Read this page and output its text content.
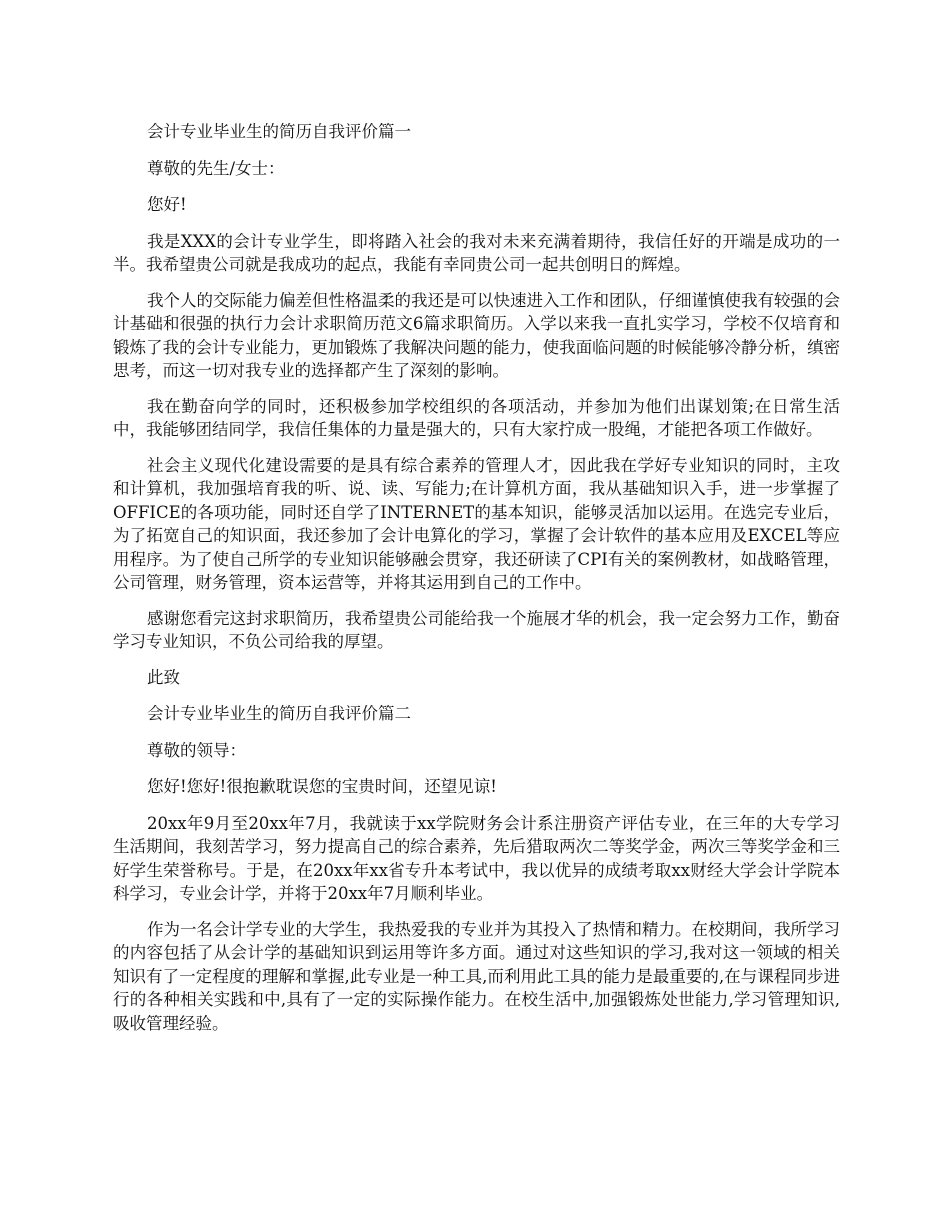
会计专业毕业生的简历自我评价篇一

尊敬的先生/女士：

您好!

我是XXX的会计专业学生，即将踏入社会的我对未来充满着期待，我信任好的开端是成功的一半。我希望贵公司就是我成功的起点，我能有幸同贵公司一起共创明日的辉煌。

我个人的交际能力偏差但性格温柔的我还是可以快速进入工作和团队，仔细谨慎使我有较强的会计基础和很强的执行力会计求职简历范文6篇求职简历。入学以来我一直扎实学习，学校不仅培育和锻炼了我的会计专业能力，更加锻炼了我解决问题的能力，使我面临问题的时候能够冷静分析，缜密思考，而这一切对我专业的选择都产生了深刻的影响。

我在勤奋向学的同时，还积极参加学校组织的各项活动，并参加为他们出谋划策;在日常生活中，我能够团结同学，我信任集体的力量是强大的，只有大家拧成一股绳，才能把各项工作做好。

社会主义现代化建设需要的是具有综合素养的管理人才，因此我在学好专业知识的同时，主攻 和计算机，我加强培育我的听、说、读、写能力;在计算机方面，我从基础知识入手，进一步掌握了OFFICE的各项功能，同时还自学了INTERNET的基本知识，能够灵活加以运用。在选完专业后，为了拓宽自己的知识面，我还参加了会计电算化的学习，掌握了会计软件的基本应用及EXCEL等应用程序。为了使自己所学的专业知识能够融会贯穿，我还研读了CPI有关的案例教材，如战略管理，公司管理，财务管理，资本运营等，并将其运用到自己的工作中。

感谢您看完这封求职简历，我希望贵公司能给我一个施展才华的机会，我一定会努力工作，勤奋学习专业知识，不负公司给我的厚望。

此致

会计专业毕业生的简历自我评价篇二

尊敬的领导：

您好!您好!很抱歉耽误您的宝贵时间，还望见谅!

20xx年9月至20xx年7月，我就读于xx学院财务会计系注册资产评估专业，在三年的大专学习生活期间，我刻苦学习，努力提高自己的综合素养，先后猎取两次二等奖学金，两次三等奖学金和三好学生荣誉称号。于是，在20xx年xx省专升本考试中，我以优异的成绩考取xx财经大学会计学院本科学习，专业会计学，并将于20xx年7月顺利毕业。

作为一名会计学专业的大学生，我热爱我的专业并为其投入了热情和精力。在校期间，我所学习的内容包括了从会计学的基础知识到运用等许多方面。通过对这些知识的学习,我对这一领域的相关知识有了一定程度的理解和掌握,此专业是一种工具,而利用此工具的能力是最重要的,在与课程同步进行的各种相关实践和中,具有了一定的实际操作能力。在校生活中,加强锻炼处世能力,学习管理知识,吸收管理经验。
